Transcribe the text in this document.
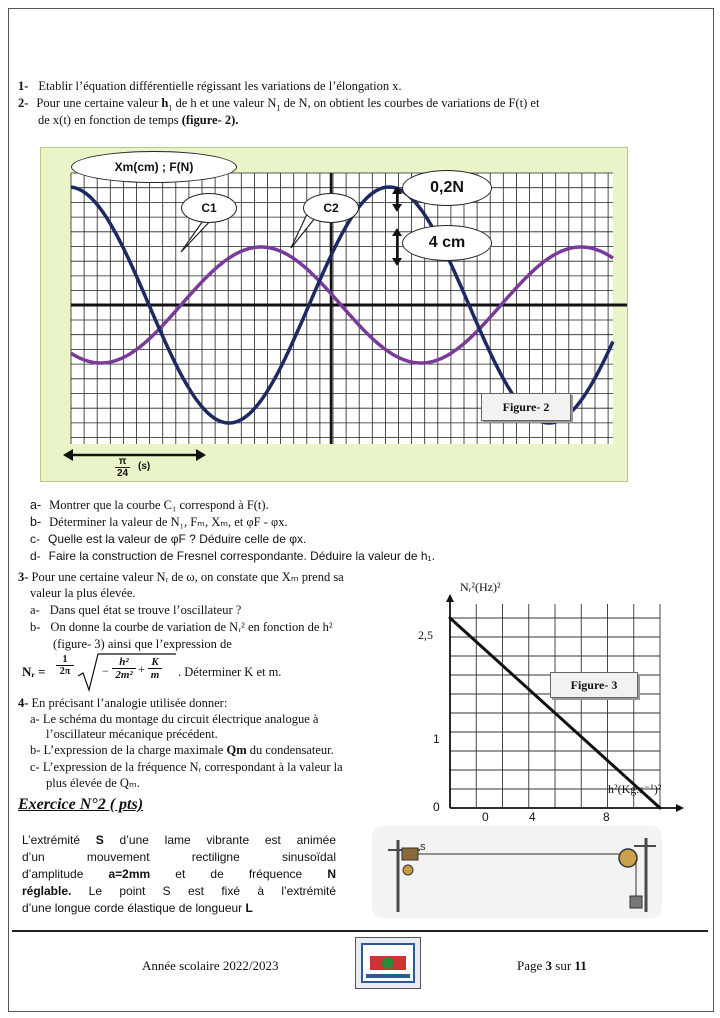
1- Etablir l’équation différentielle régissant les variations de l’élongation x.
2- Pour une certaine valeur $h_1$ de h et une valeur $N_1$ de N, on obtient les courbes de variations de F(t) et
de x(t) en fonction de temps (figure- 2).
Xm(cm) ; F(N)
C1	C2
0,2N
4 cm
Figure- 2
π
24
(s)
a- Montrer que la courbe C₁ correspond à F(t).
b- Déterminer la valeur de N₁, Fₘ, Xₘ, et φF - φx.
c- Quelle est la valeur de φF ? Déduire celle de φx.
d- Faire la construction de Fresnel correspondante. Déduire la valeur de h₁.
3- Pour une certaine valeur Nᵣ de ω, on constate que Xₘ prend sa
valeur la plus élevée.
a- Dans quel état se trouve l’oscillateur ?
b- On donne la courbe de variation de Nᵣ² en fonction de h²
(figure- 3) ainsi que l’expression de
Nᵣ =
1
2π	−
h²
2m² + K
m . Déterminer K et m.
4- En précisant l’analogie utilisée donner:
a- Le schéma du montage du circuit électrique analogue à
l’oscillateur mécanique précédent.
b- L’expression de la charge maximale Qm du condensateur.
c- L’expression de la fréquence Nᵣ correspondant à la valeur la
plus élevée de Qₘ.
Nᵣ²(Hz)²
h²(Kg.s⁻¹)²
2,5
1
0
0	4	8
Figure- 3
Exercice N°2 ( pts)
L’extrémité S d’une lame vibrante est animée
d’un mouvement rectiligne sinusoïdal
d’amplitude a=2mm et de fréquence N
réglable. Le point S est fixé à l’extrémité
d’une longue corde élastique de longueur L
S
Année scolaire 2022/2023	Page 3 sur 11
